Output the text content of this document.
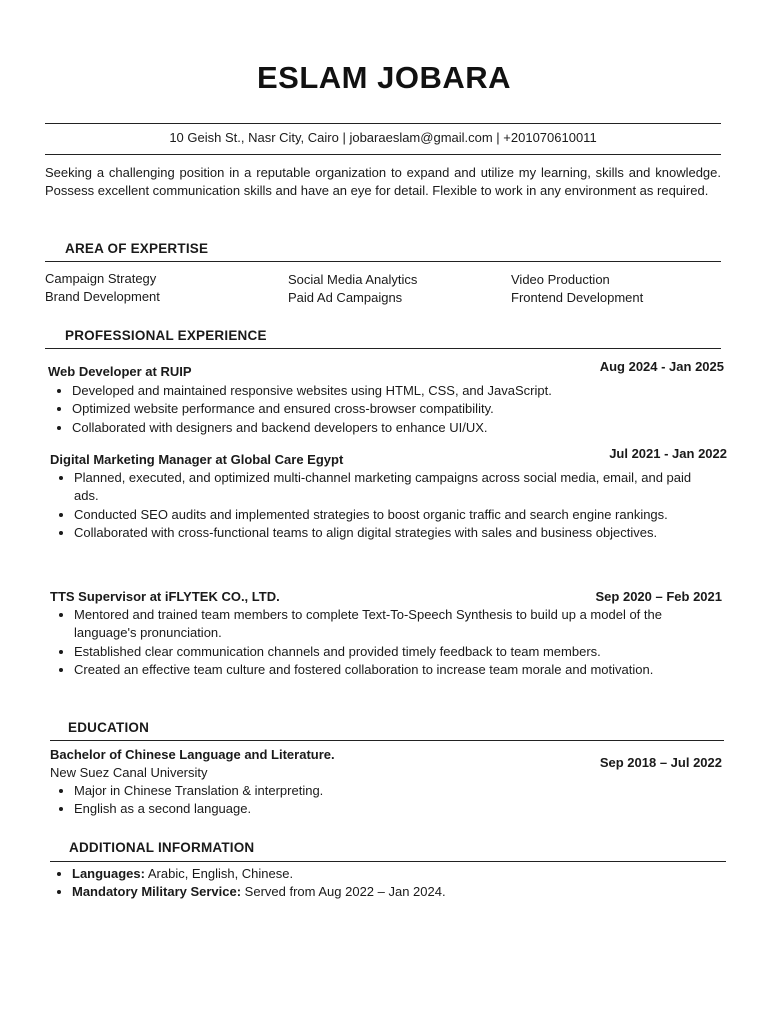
ESLAM JOBARA
10 Geish St., Nasr City, Cairo | jobaraeslam@gmail.com | +201070610011

Seeking a challenging position in a reputable organization to expand and utilize my learning, skills and knowledge. Possess excellent communication skills and have an eye for detail. Flexible to work in any environment as required.

AREA OF EXPERTISE
Campaign Strategy	Social Media Analytics	Video Production
Brand Development	Paid Ad Campaigns	Frontend Development
PROFESSIONAL EXPERIENCE
Web Developer at RUIP	Aug 2024 - Jan 2025
• Developed and maintained responsive websites using HTML, CSS, and JavaScript.
• Optimized website performance and ensured cross-browser compatibility.
• Collaborated with designers and backend developers to enhance UI/UX.
Digital Marketing Manager at Global Care Egypt	Jul 2021 - Jan 2022
• Planned, executed, and optimized multi-channel marketing campaigns across social media, email, and paid ads.
• Conducted SEO audits and implemented strategies to boost organic traffic and search engine rankings.
• Collaborated with cross-functional teams to align digital strategies with sales and business objectives.
TTS Supervisor at iFLYTEK CO., LTD.	Sep 2020 – Feb 2021
• Mentored and trained team members to complete Text-To-Speech Synthesis to build up a model of the language's pronunciation.
• Established clear communication channels and provided timely feedback to team members.
• Created an effective team culture and fostered collaboration to increase team morale and motivation.
EDUCATION
Bachelor of Chinese Language and Literature.
New Suez Canal University
Sep 2018 – Jul 2022
• Major in Chinese Translation & interpreting.
• English as a second language.
ADDITIONAL INFORMATION
• Languages: Arabic, English, Chinese.
• Mandatory Military Service: Served from Aug 2022 – Jan 2024.
